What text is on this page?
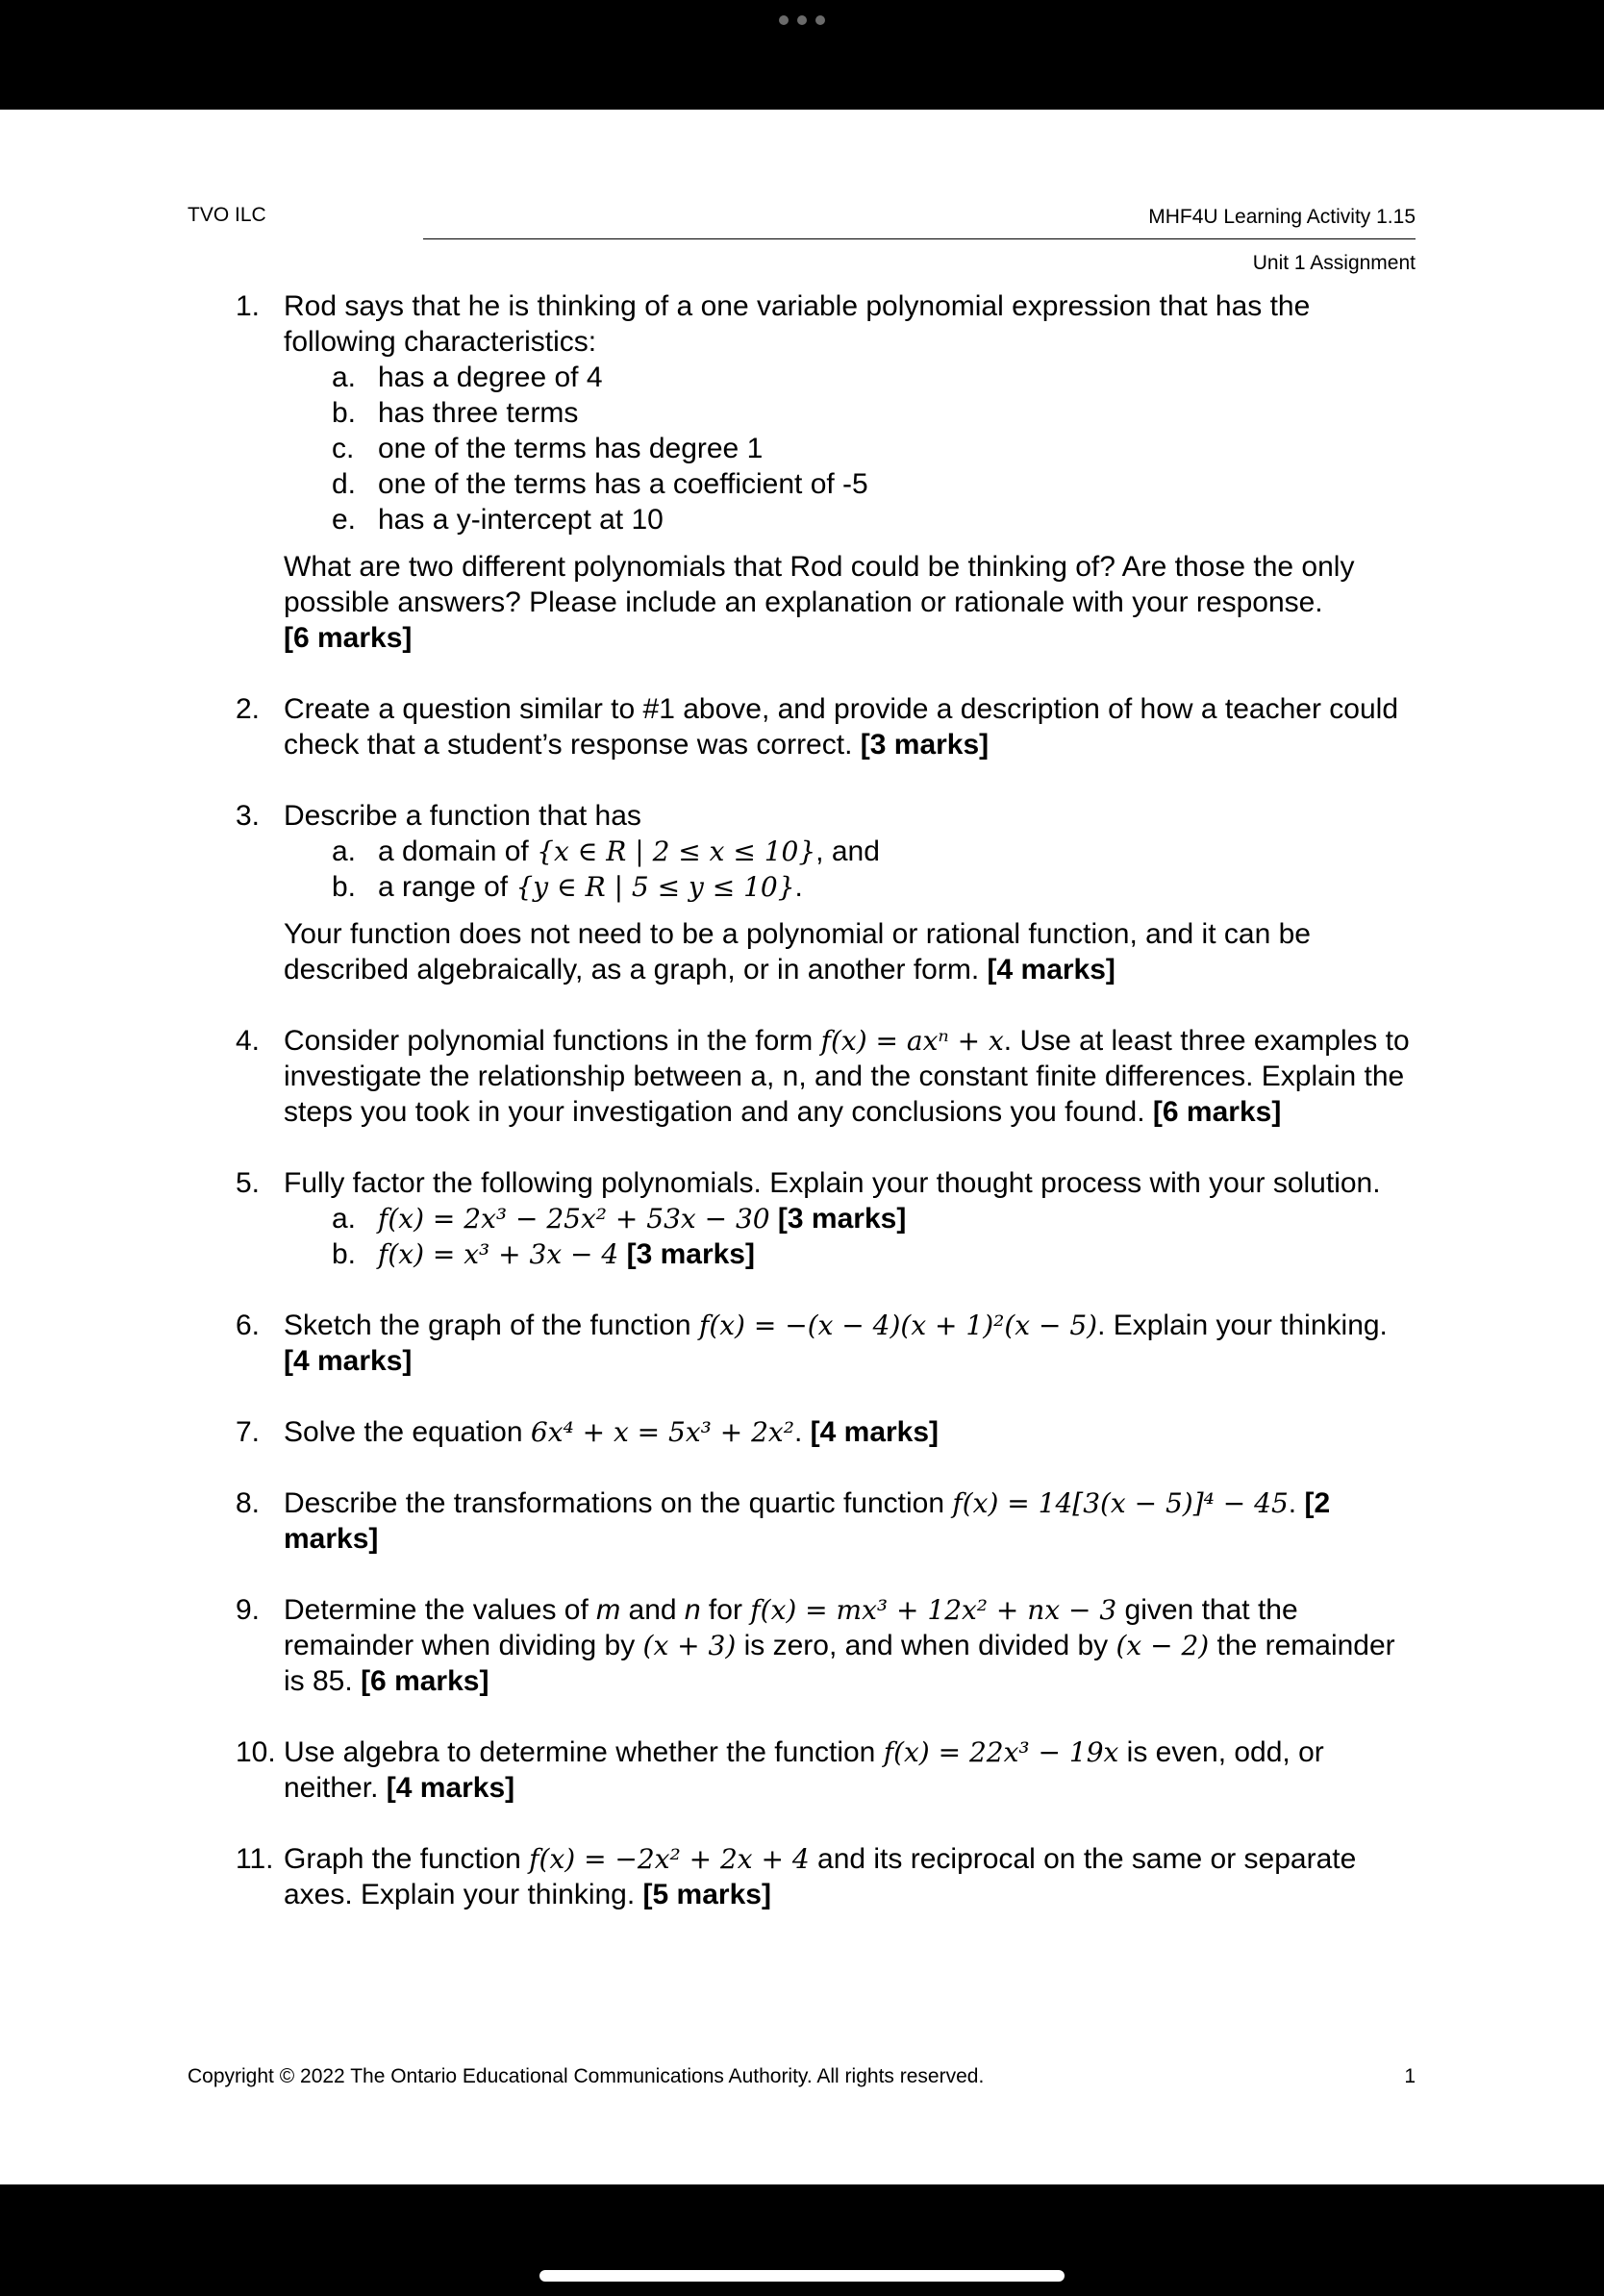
TVO ILC	MHF4U Learning Activity 1.15
Unit 1 Assignment
1. Rod says that he is thinking of a one variable polynomial expression that has the following characteristics:
a. has a degree of 4
b. has three terms
c. one of the terms has degree 1
d. one of the terms has a coefficient of -5
e. has a y-intercept at 10
What are two different polynomials that Rod could be thinking of? Are those the only possible answers? Please include an explanation or rationale with your response.
[6 marks]
2. Create a question similar to #1 above, and provide a description of how a teacher could check that a student’s response was correct. [3 marks]
3. Describe a function that has
a. a domain of {x ∈ R | 2 ≤ x ≤ 10}, and
b. a range of {y ∈ R | 5 ≤ y ≤ 10}.
Your function does not need to be a polynomial or rational function, and it can be described algebraically, as a graph, or in another form. [4 marks]
4. Consider polynomial functions in the form f(x) = axⁿ + x. Use at least three examples to investigate the relationship between a, n, and the constant finite differences. Explain the steps you took in your investigation and any conclusions you found. [6 marks]
5. Fully factor the following polynomials. Explain your thought process with your solution.
a. f(x) = 2x³ − 25x² + 53x − 30 [3 marks]
b. f(x) = x³ + 3x − 4 [3 marks]
6. Sketch the graph of the function f(x) = −(x − 4)(x + 1)²(x − 5). Explain your thinking. [4 marks]
7. Solve the equation 6x⁴ + x = 5x³ + 2x². [4 marks]
8. Describe the transformations on the quartic function f(x) = 14[3(x − 5)]⁴ − 45. [2 marks]
9. Determine the values of m and n for f(x) = mx³ + 12x² + nx − 3 given that the remainder when dividing by (x + 3) is zero, and when divided by (x − 2) the remainder is 85. [6 marks]
10. Use algebra to determine whether the function f(x) = 22x³ − 19x is even, odd, or neither. [4 marks]
11. Graph the function f(x) = −2x² + 2x + 4 and its reciprocal on the same or separate axes. Explain your thinking. [5 marks]
Copyright © 2022 The Ontario Educational Communications Authority. All rights reserved.	1
